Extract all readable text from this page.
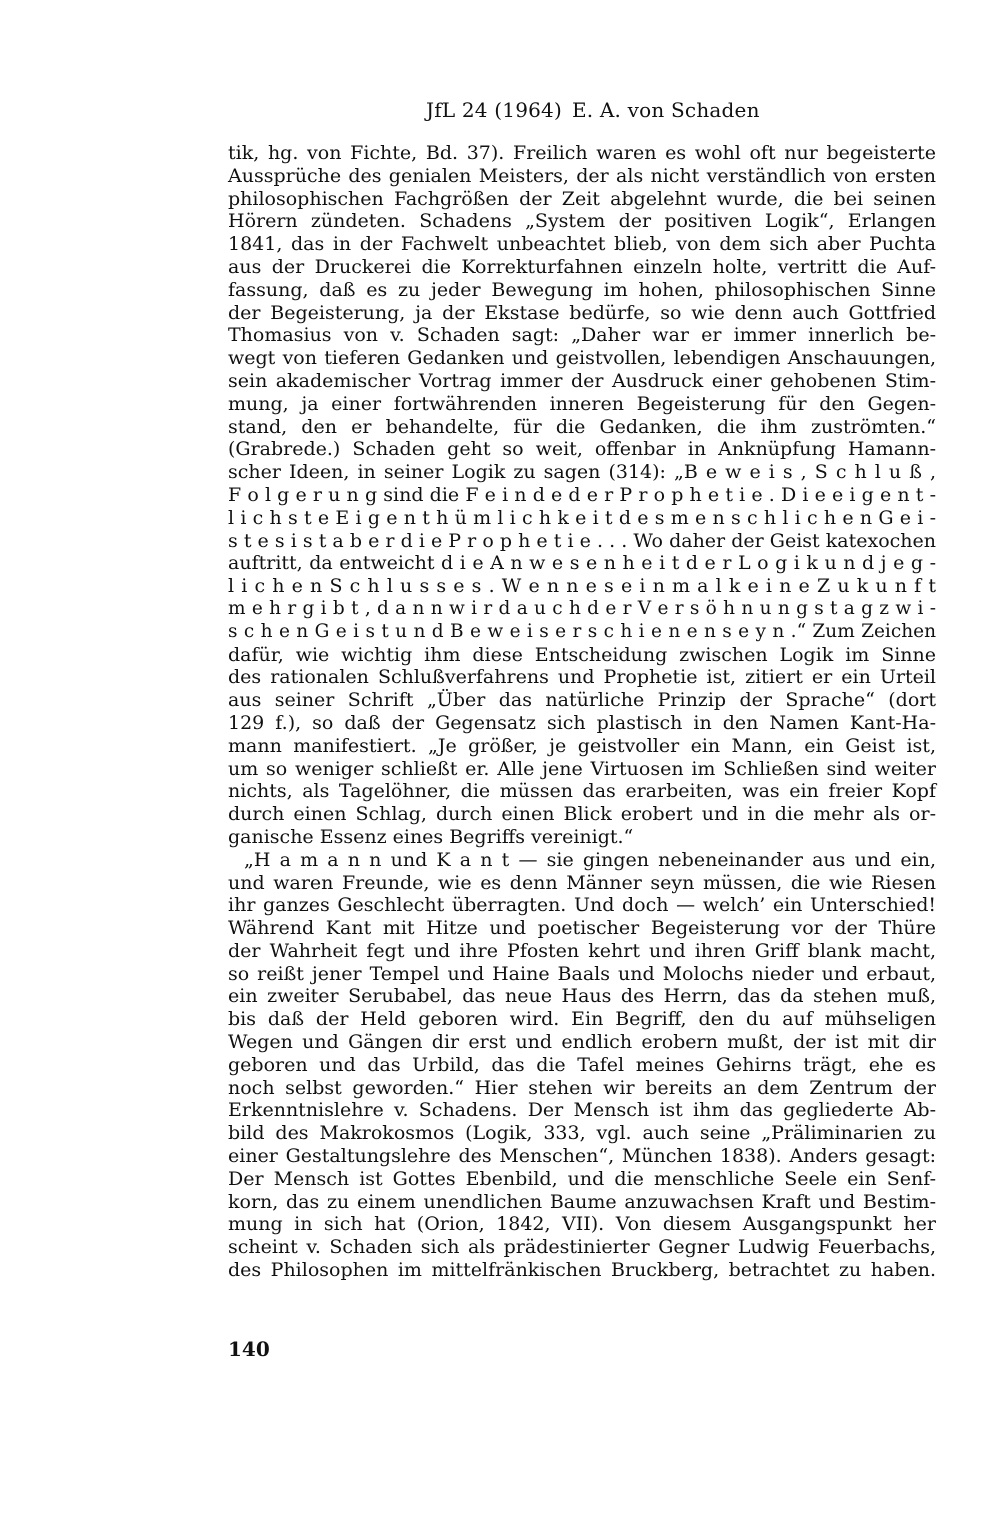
JfL 24 (1964) E. A. von Schaden
tik, hg. von Fichte, Bd. 37). Freilich waren es wohl oft nur begeisterte
Aussprüche des genialen Meisters, der als nicht verständlich von ersten
philosophischen Fachgrößen der Zeit abgelehnt wurde, die bei seinen
Hörern zündeten. Schadens „System der positiven Logik“, Erlangen
1841, das in der Fachwelt unbeachtet blieb, von dem sich aber Puchta
aus der Druckerei die Korrekturfahnen einzeln holte, vertritt die Auf-
fassung, daß es zu jeder Bewegung im hohen, philosophischen Sinne
der Begeisterung, ja der Ekstase bedürfe, so wie denn auch Gottfried
Thomasius von v. Schaden sagt: „Daher war er immer innerlich be-
wegt von tieferen Gedanken und geistvollen, lebendigen Anschauungen,
sein akademischer Vortrag immer der Ausdruck einer gehobenen Stim-
mung, ja einer fortwährenden inneren Begeisterung für den Gegen-
stand, den er behandelte, für die Gedanken, die ihm zuströmten.“
(Grabrede.) Schaden geht so weit, offenbar in Anknüpfung Hamann-
scher Ideen, in seiner Logik zu sagen (314): „B e w e i s , S c h l u ß ,
F o l g e r u n g sind die F e i n d e d e r P r o p h e t i e . D i e e i g e n t -
l i c h s t e E i g e n t h ü m l i c h k e i t d e s m e n s c h l i c h e n G e i -
s t e s i s t a b e r d i e P r o p h e t i e . . . Wo daher der Geist katexochen
auftritt, da entweicht d i e A n w e s e n h e i t d e r L o g i k u n d j e g -
l i c h e n S c h l u s s e s . W e n n e s e i n m a l k e i n e Z u k u n f t
m e h r g i b t , d a n n w i r d a u c h d e r V e r s ö h n u n g s t a g z w i -
s c h e n G e i s t u n d B e w e i s e r s c h i e n e n s e y n .“ Zum Zeichen
dafür, wie wichtig ihm diese Entscheidung zwischen Logik im Sinne
des rationalen Schlußverfahrens und Prophetie ist, zitiert er ein Urteil
aus seiner Schrift „Über das natürliche Prinzip der Sprache“ (dort
129 f.), so daß der Gegensatz sich plastisch in den Namen Kant-Ha-
mann manifestiert. „Je größer, je geistvoller ein Mann, ein Geist ist,
um so weniger schließt er. Alle jene Virtuosen im Schließen sind weiter
nichts, als Tagelöhner, die müssen das erarbeiten, was ein freier Kopf
durch einen Schlag, durch einen Blick erobert und in die mehr als or-
ganische Essenz eines Begriffs vereinigt.“
„H a m a n n und K a n t — sie gingen nebeneinander aus und ein,
und waren Freunde, wie es denn Männer seyn müssen, die wie Riesen
ihr ganzes Geschlecht überragten. Und doch — welch’ ein Unterschied!
Während Kant mit Hitze und poetischer Begeisterung vor der Thüre
der Wahrheit fegt und ihre Pfosten kehrt und ihren Griff blank macht,
so reißt jener Tempel und Haine Baals und Molochs nieder und erbaut,
ein zweiter Serubabel, das neue Haus des Herrn, das da stehen muß,
bis daß der Held geboren wird. Ein Begriff, den du auf mühseligen
Wegen und Gängen dir erst und endlich erobern mußt, der ist mit dir
geboren und das Urbild, das die Tafel meines Gehirns trägt, ehe es
noch selbst geworden.“ Hier stehen wir bereits an dem Zentrum der
Erkenntnislehre v. Schadens. Der Mensch ist ihm das gegliederte Ab-
bild des Makrokosmos (Logik, 333, vgl. auch seine „Präliminarien zu
einer Gestaltungslehre des Menschen“, München 1838). Anders gesagt:
Der Mensch ist Gottes Ebenbild, und die menschliche Seele ein Senf-
korn, das zu einem unendlichen Baume anzuwachsen Kraft und Bestim-
mung in sich hat (Orion, 1842, VII). Von diesem Ausgangspunkt her
scheint v. Schaden sich als prädestinierter Gegner Ludwig Feuerbachs,
des Philosophen im mittelfränkischen Bruckberg, betrachtet zu haben.
140
